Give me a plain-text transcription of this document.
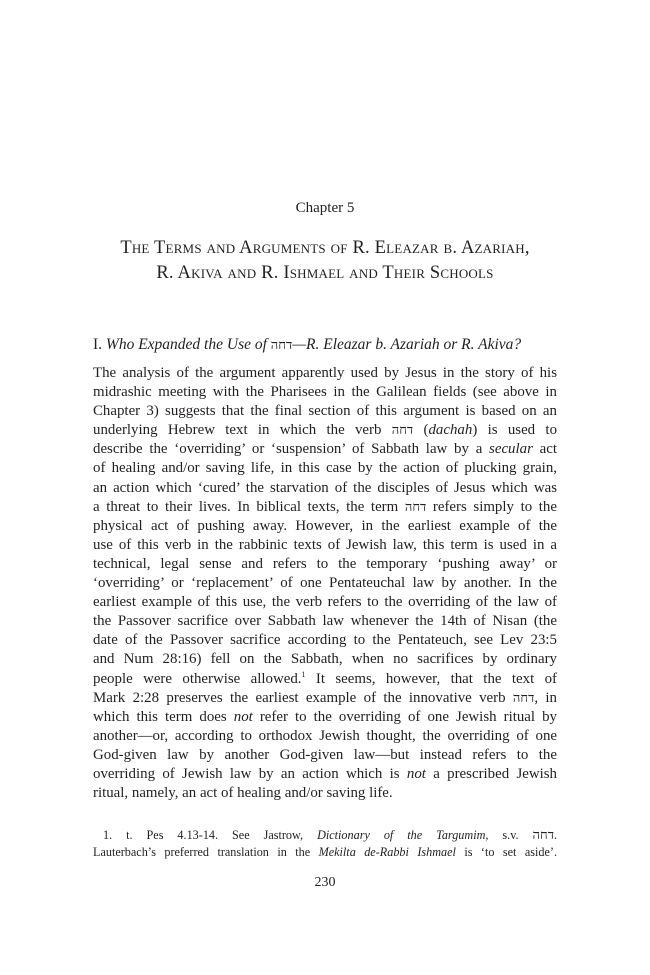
Chapter 5
The Terms and Arguments of R. Eleazar b. Azariah,
R. Akiva and R. Ishmael and Their Schools
I. Who Expanded the Use of דחה—R. Eleazar b. Azariah or R. Akiva?
The analysis of the argument apparently used by Jesus in the story of his
midrashic meeting with the Pharisees in the Galilean fields (see above in
Chapter 3) suggests that the final section of this argument is based on an
underlying Hebrew text in which the verb דחה (dachah) is used to
describe the ‘overriding’ or ‘suspension’ of Sabbath law by a secular act
of healing and/or saving life, in this case by the action of plucking grain,
an action which ‘cured’ the starvation of the disciples of Jesus which was
a threat to their lives. In biblical texts, the term דחה refers simply to the
physical act of pushing away. However, in the earliest example of the
use of this verb in the rabbinic texts of Jewish law, this term is used in a
technical, legal sense and refers to the temporary ‘pushing away’ or
‘overriding’ or ‘replacement’ of one Pentateuchal law by another. In the
earliest example of this use, the verb refers to the overriding of the law of
the Passover sacrifice over Sabbath law whenever the 14th of Nisan (the
date of the Passover sacrifice according to the Pentateuch, see Lev 23:5
and Num 28:16) fell on the Sabbath, when no sacrifices by ordinary
people were otherwise allowed.$^1$ It seems, however, that the text of
Mark 2:28 preserves the earliest example of the innovative verb דחה, in
which this term does not refer to the overriding of one Jewish ritual by
another—or, according to orthodox Jewish thought, the overriding of one
God-given law by another God-given law—but instead refers to the
overriding of Jewish law by an action which is not a prescribed Jewish
ritual, namely, an act of healing and/or saving life.
1. t. Pes 4.13-14. See Jastrow, Dictionary of the Targumim, s.v. דחה.
Lauterbach’s preferred translation in the Mekilta de-Rabbi Ishmael is ‘to set aside’.
230
